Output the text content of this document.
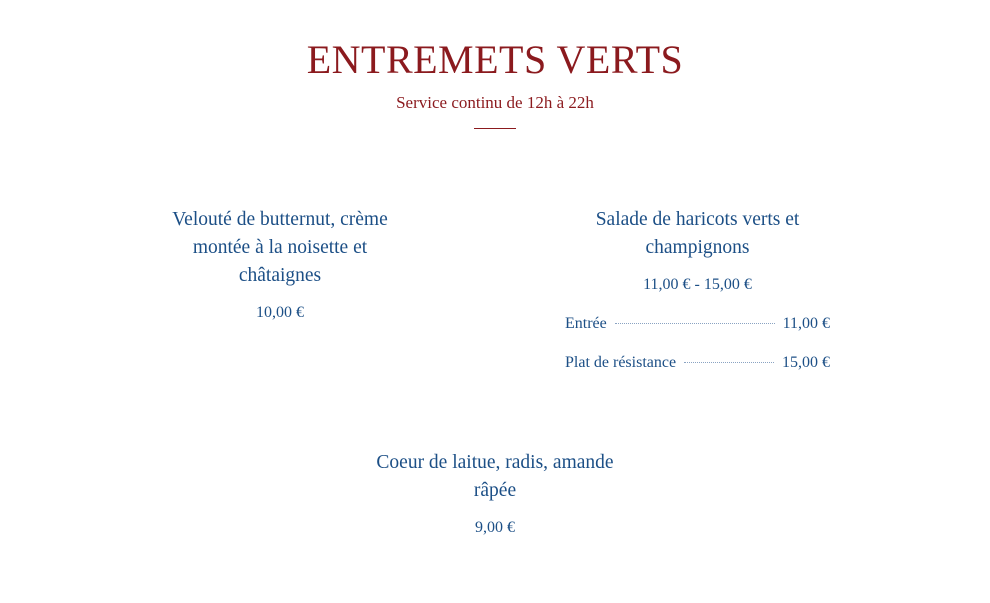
ENTREMETS VERTS
Service continu de 12h à 22h
Velouté de butternut, crème
montée à la noisette et
châtaignes
10,00 €
Salade de haricots verts et
champignons
11,00 € - 15,00 €
Entrée	11,00 €
Plat de résistance	15,00 €
Coeur de laitue, radis, amande
râpée
9,00 €
